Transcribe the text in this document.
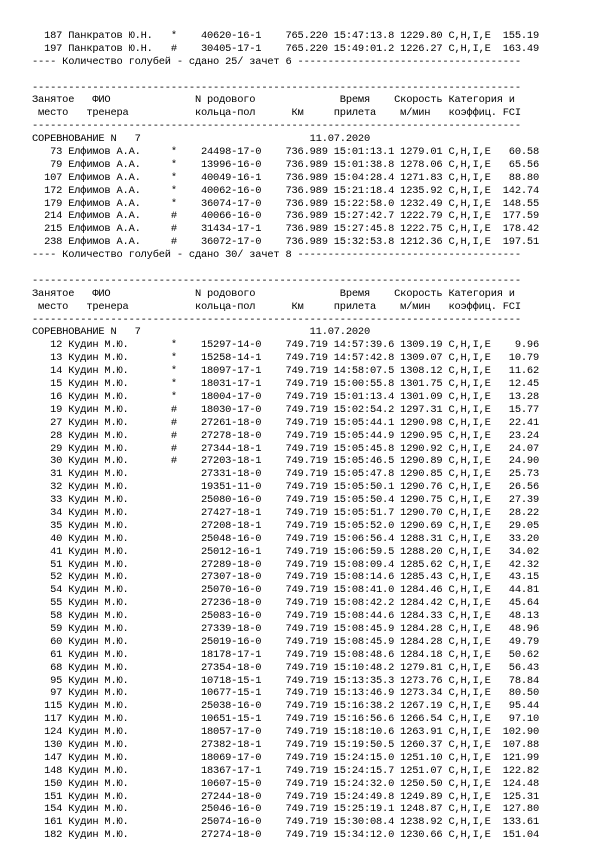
187 Панкратов Ю.Н.   *    40620-16-1    765.220 15:47:13.8 1229.80 C,H,I,E  155.19
197 Панкратов Ю.Н.   #    30405-17-1    765.220 15:49:01.2 1226.27 C,H,I,E  163.49
---- Количество голубей - сдано 25/ зачет 6 -------------------------------------
---------------------------------------------------------------------------------
Занятое   ФИО              N родового              Время    Скорость Категория и
место   тренера           кольца-пол      Км     прилета    м/мин   коэффиц. FCI
---------------------------------------------------------------------------------
СОРЕВНОВАНИЕ N   7                            11.07.2020
73 Елфимов А.А.     *    24498-17-0    736.989 15:01:13.1 1279.01 C,H,I,E   60.58
79 Елфимов А.А.     *    13996-16-0    736.989 15:01:38.8 1278.06 C,H,I,E   65.56
107 Елфимов А.А.     *    40049-16-1    736.989 15:04:28.4 1271.83 C,H,I,E   88.80
172 Елфимов А.А.     *    40062-16-0    736.989 15:21:18.4 1235.92 C,H,I,E  142.74
179 Елфимов А.А.     *    36074-17-0    736.989 15:22:58.0 1232.49 C,H,I,E  148.55
214 Елфимов А.А.     #    40066-16-0    736.989 15:27:42.7 1222.79 C,H,I,E  177.59
215 Елфимов А.А.     #    31434-17-1    736.989 15:27:45.8 1222.75 C,H,I,E  178.42
238 Елфимов А.А.     #    36072-17-0    736.989 15:32:53.8 1212.36 C,H,I,E  197.51
---- Количество голубей - сдано 30/ зачет 8 -------------------------------------
---------------------------------------------------------------------------------
Занятое   ФИО              N родового              Время    Скорость Категория и
место   тренера           кольца-пол      Км     прилета    м/мин   коэффиц. FCI
---------------------------------------------------------------------------------
СОРЕВНОВАНИЕ N   7                            11.07.2020
12 Кудин М.Ю.       *    15297-14-0    749.719 14:57:39.6 1309.19 C,H,I,E    9.96
13 Кудин М.Ю.       *    15258-14-1    749.719 14:57:42.8 1309.07 C,H,I,E   10.79
14 Кудин М.Ю.       *    18097-17-1    749.719 14:58:07.5 1308.12 C,H,I,E   11.62
15 Кудин М.Ю.       *    18031-17-1    749.719 15:00:55.8 1301.75 C,H,I,E   12.45
16 Кудин М.Ю.       *    18004-17-0    749.719 15:01:13.4 1301.09 C,H,I,E   13.28
19 Кудин М.Ю.       #    18030-17-0    749.719 15:02:54.2 1297.31 C,H,I,E   15.77
27 Кудин М.Ю.       #    27261-18-0    749.719 15:05:44.1 1290.98 C,H,I,E   22.41
28 Кудин М.Ю.       #    27278-18-0    749.719 15:05:44.9 1290.95 C,H,I,E   23.24
29 Кудин М.Ю.       #    27344-18-1    749.719 15:05:45.8 1290.92 C,H,I,E   24.07
30 Кудин М.Ю.       #    27203-18-1    749.719 15:05:46.5 1290.89 C,H,I,E   24.90
31 Кудин М.Ю.            27331-18-0    749.719 15:05:47.8 1290.85 C,H,I,E   25.73
32 Кудин М.Ю.            19351-11-0    749.719 15:05:50.1 1290.76 C,H,I,E   26.56
33 Кудин М.Ю.            25080-16-0    749.719 15:05:50.4 1290.75 C,H,I,E   27.39
34 Кудин М.Ю.            27427-18-1    749.719 15:05:51.7 1290.70 C,H,I,E   28.22
35 Кудин М.Ю.            27208-18-1    749.719 15:05:52.0 1290.69 C,H,I,E   29.05
40 Кудин М.Ю.            25048-16-0    749.719 15:06:56.4 1288.31 C,H,I,E   33.20
41 Кудин М.Ю.            25012-16-1    749.719 15:06:59.5 1288.20 C,H,I,E   34.02
51 Кудин М.Ю.            27289-18-0    749.719 15:08:09.4 1285.62 C,H,I,E   42.32
52 Кудин М.Ю.            27307-18-0    749.719 15:08:14.6 1285.43 C,H,I,E   43.15
54 Кудин М.Ю.            25070-16-0    749.719 15:08:41.0 1284.46 C,H,I,E   44.81
55 Кудин М.Ю.            27236-18-0    749.719 15:08:42.2 1284.42 C,H,I,E   45.64
58 Кудин М.Ю.            25083-16-0    749.719 15:08:44.6 1284.33 C,H,I,E   48.13
59 Кудин М.Ю.            27339-18-0    749.719 15:08:45.9 1284.28 C,H,I,E   48.96
60 Кудин М.Ю.            25019-16-0    749.719 15:08:45.9 1284.28 C,H,I,E   49.79
61 Кудин М.Ю.            18178-17-1    749.719 15:08:48.6 1284.18 C,H,I,E   50.62
68 Кудин М.Ю.            27354-18-0    749.719 15:10:48.2 1279.81 C,H,I,E   56.43
95 Кудин М.Ю.            10718-15-1    749.719 15:13:35.3 1273.76 C,H,I,E   78.84
97 Кудин М.Ю.            10677-15-1    749.719 15:13:46.9 1273.34 C,H,I,E   80.50
115 Кудин М.Ю.            25038-16-0    749.719 15:16:38.2 1267.19 C,H,I,E   95.44
117 Кудин М.Ю.            10651-15-1    749.719 15:16:56.6 1266.54 C,H,I,E   97.10
124 Кудин М.Ю.            18057-17-0    749.719 15:18:10.6 1263.91 C,H,I,E  102.90
130 Кудин М.Ю.            27382-18-1    749.719 15:19:50.5 1260.37 C,H,I,E  107.88
147 Кудин М.Ю.            18069-17-0    749.719 15:24:15.0 1251.10 C,H,I,E  121.99
148 Кудин М.Ю.            18367-17-1    749.719 15:24:15.7 1251.07 C,H,I,E  122.82
150 Кудин М.Ю.            10607-15-0    749.719 15:24:32.0 1250.50 C,H,I,E  124.48
151 Кудин М.Ю.            27244-18-0    749.719 15:24:49.8 1249.89 C,H,I,E  125.31
154 Кудин М.Ю.            25046-16-0    749.719 15:25:19.1 1248.87 C,H,I,E  127.80
161 Кудин М.Ю.            25074-16-0    749.719 15:30:08.4 1238.92 C,H,I,E  133.61
182 Кудин М.Ю.            27274-18-0    749.719 15:34:12.0 1230.66 C,H,I,E  151.04
